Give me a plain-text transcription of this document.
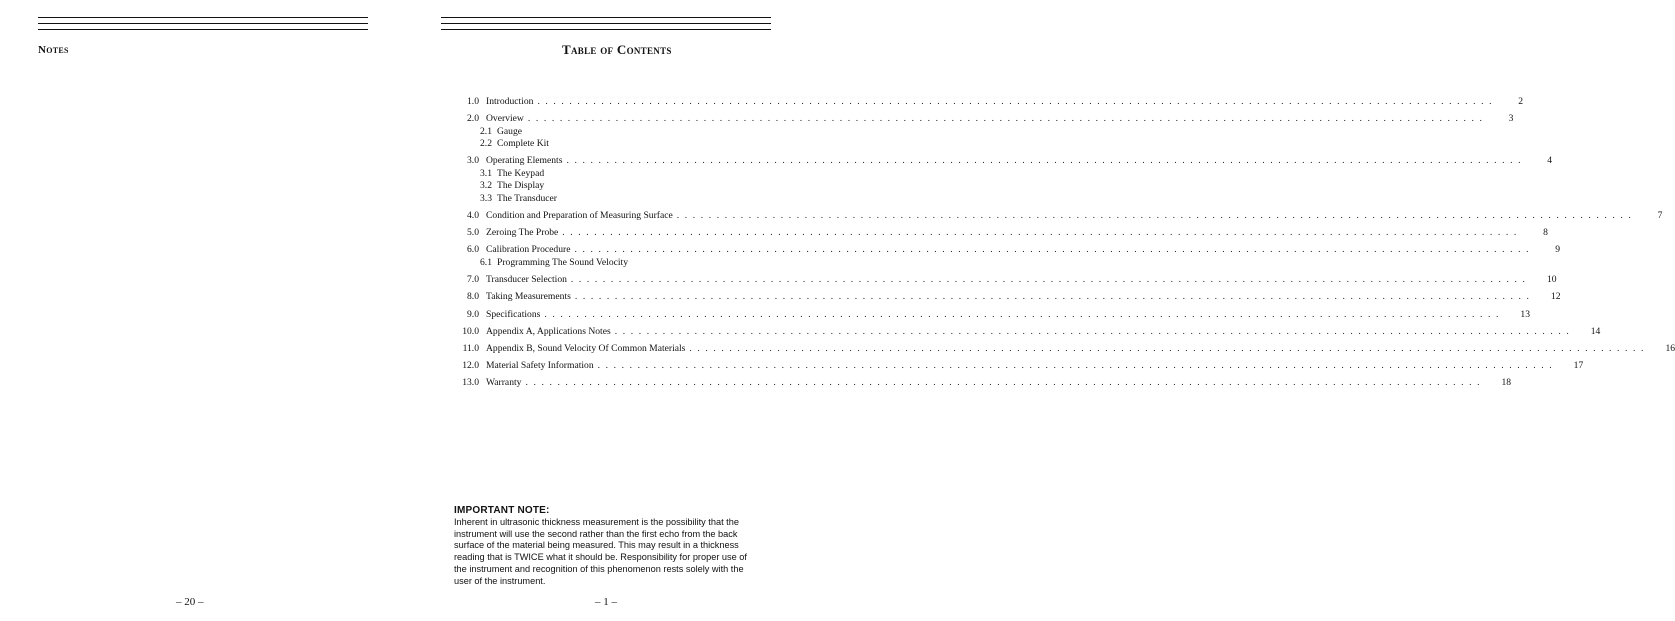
Notes
– 20 –
Table of Contents
1.0 Introduction . . . . . . . . . . . . . . . . . . . . . . . . . . . . . . . . . . . . . . . . . . . . . . . . . . . . . . . . . . . . . . . . . . . . . . . . . . . . . . . . . . . . . . . . . . . . . . . . . . . . . . . . . . . . . . . . . . . . . . . .	2
2.0 Overview . . . . . . . . . . . . . . . . . . . . . . . . . . . . . . . . . . . . . . . . . . . . . . . . . . . . . . . . . . . . . . . . . . . . . . . . . . . . . . . . . . . . . . . . . . . . . . . . . . . . . . . . . . . . . . . . . . . . . . . .	3
2.1 Gauge
2.2 Complete Kit
3.0 Operating Elements . . . . . . . . . . . . . . . . . . . . . . . . . . . . . . . . . . . . . . . . . . . . . . . . . . . . . . . . . . . . . . . . . . . . . . . . . . . . . . . . . . . . . . . . . . . . . . . . . . . . . . . . . . . . . . . . . . . . . . . .	4
3.1 The Keypad
3.2 The Display
3.3 The Transducer
4.0 Condition and Preparation of Measuring Surface . . . . . . . . . . . . . . . . . . . . . . . . . . . . . . . . . . . . . . . . . . . . . . . . . . . . . . . . . . . . . . . . . . . . . . . . . . . . . . . . . . . . . . . . . . . . . . . . . . . . . . . . . . . . . . . . . . . . . . . .	7
5.0 Zeroing The Probe . . . . . . . . . . . . . . . . . . . . . . . . . . . . . . . . . . . . . . . . . . . . . . . . . . . . . . . . . . . . . . . . . . . . . . . . . . . . . . . . . . . . . . . . . . . . . . . . . . . . . . . . . . . . . . . . . . . . . . . .	8
6.0 Calibration Procedure . . . . . . . . . . . . . . . . . . . . . . . . . . . . . . . . . . . . . . . . . . . . . . . . . . . . . . . . . . . . . . . . . . . . . . . . . . . . . . . . . . . . . . . . . . . . . . . . . . . . . . . . . . . . . . . . . . . . . . . .	9
6.1 Programming The Sound Velocity
7.0 Transducer Selection . . . . . . . . . . . . . . . . . . . . . . . . . . . . . . . . . . . . . . . . . . . . . . . . . . . . . . . . . . . . . . . . . . . . . . . . . . . . . . . . . . . . . . . . . . . . . . . . . . . . . . . . . . . . . . . . . . . . . . . .	10
8.0 Taking Measurements . . . . . . . . . . . . . . . . . . . . . . . . . . . . . . . . . . . . . . . . . . . . . . . . . . . . . . . . . . . . . . . . . . . . . . . . . . . . . . . . . . . . . . . . . . . . . . . . . . . . . . . . . . . . . . . . . . . . . . . .	12
9.0 Specifications . . . . . . . . . . . . . . . . . . . . . . . . . . . . . . . . . . . . . . . . . . . . . . . . . . . . . . . . . . . . . . . . . . . . . . . . . . . . . . . . . . . . . . . . . . . . . . . . . . . . . . . . . . . . . . . . . . . . . . . .	13
10.0 Appendix A, Applications Notes . . . . . . . . . . . . . . . . . . . . . . . . . . . . . . . . . . . . . . . . . . . . . . . . . . . . . . . . . . . . . . . . . . . . . . . . . . . . . . . . . . . . . . . . . . . . . . . . . . . . . . . . . . . . . . . . . . . . . . . .	14
11.0 Appendix B, Sound Velocity Of Common Materials . . . . . . . . . . . . . . . . . . . . . . . . . . . . . . . . . . . . . . . . . . . . . . . . . . . . . . . . . . . . . . . . . . . . . . . . . . . . . . . . . . . . . . . . . . . . . . . . . . . . . . . . . . . . . . . . . . . . . . . .	16
12.0 Material Safety Information . . . . . . . . . . . . . . . . . . . . . . . . . . . . . . . . . . . . . . . . . . . . . . . . . . . . . . . . . . . . . . . . . . . . . . . . . . . . . . . . . . . . . . . . . . . . . . . . . . . . . . . . . . . . . . . . . . . . . . . .	17
13.0 Warranty . . . . . . . . . . . . . . . . . . . . . . . . . . . . . . . . . . . . . . . . . . . . . . . . . . . . . . . . . . . . . . . . . . . . . . . . . . . . . . . . . . . . . . . . . . . . . . . . . . . . . . . . . . . . . . . . . . . . . . . .	18
IMPORTANT NOTE:
Inherent in ultrasonic thickness measurement is the possibility that the
instrument will use the second rather than the first echo from the back
surface of the material being measured. This may result in a thickness
reading that is TWICE what it should be. Responsibility for proper use of
the instrument and recognition of this phenomenon rests solely with the
user of the instrument.
– 1 –
